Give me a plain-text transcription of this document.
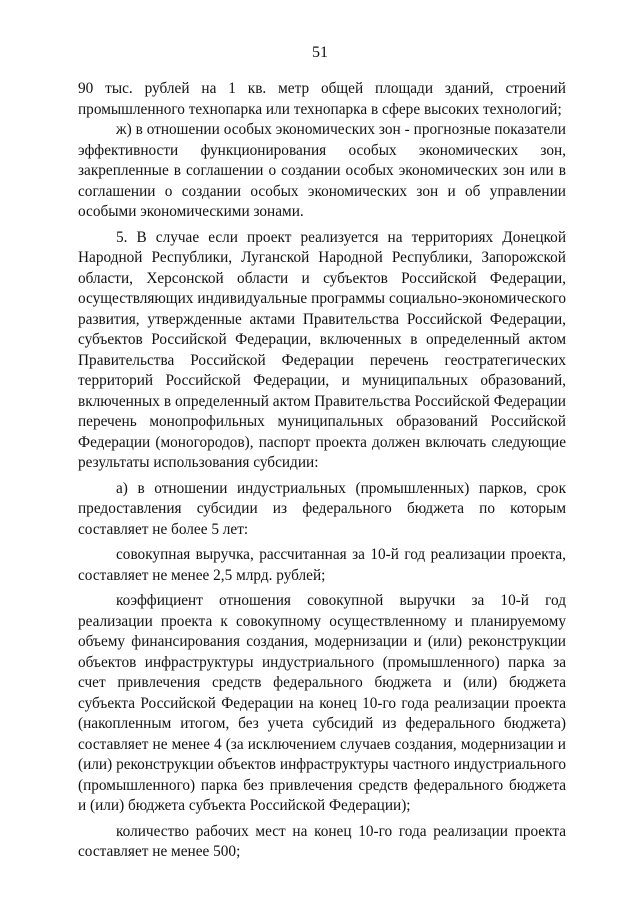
51

90 тыс. рублей на 1 кв. метр общей площади зданий, строений промышленного технопарка или технопарка в сфере высоких технологий;

ж) в отношении особых экономических зон - прогнозные показатели эффективности функционирования особых экономических зон, закрепленные в соглашении о создании особых экономических зон или в соглашении о создании особых экономических зон и об управлении особыми экономическими зонами.

5. В случае если проект реализуется на территориях Донецкой Народной Республики, Луганской Народной Республики, Запорожской области, Херсонской области и субъектов Российской Федерации, осуществляющих индивидуальные программы социально-экономического развития, утвержденные актами Правительства Российской Федерации, субъектов Российской Федерации, включенных в определенный актом Правительства Российской Федерации перечень геостратегических территорий Российской Федерации, и муниципальных образований, включенных в определенный актом Правительства Российской Федерации перечень монопрофильных муниципальных образований Российской Федерации (моногородов), паспорт проекта должен включать следующие результаты использования субсидии:

а) в отношении индустриальных (промышленных) парков, срок предоставления субсидии из федерального бюджета по которым составляет не более 5 лет:

совокупная выручка, рассчитанная за 10-й год реализации проекта, составляет не менее 2,5 млрд. рублей;

коэффициент отношения совокупной выручки за 10-й год реализации проекта к совокупному осуществленному и планируемому объему финансирования создания, модернизации и (или) реконструкции объектов инфраструктуры индустриального (промышленного) парка за счет привлечения средств федерального бюджета и (или) бюджета субъекта Российской Федерации на конец 10-го года реализации проекта (накопленным итогом, без учета субсидий из федерального бюджета) составляет не менее 4 (за исключением случаев создания, модернизации и (или) реконструкции объектов инфраструктуры частного индустриального (промышленного) парка без привлечения средств федерального бюджета и (или) бюджета субъекта Российской Федерации);

количество рабочих мест на конец 10-го года реализации проекта составляет не менее 500;
